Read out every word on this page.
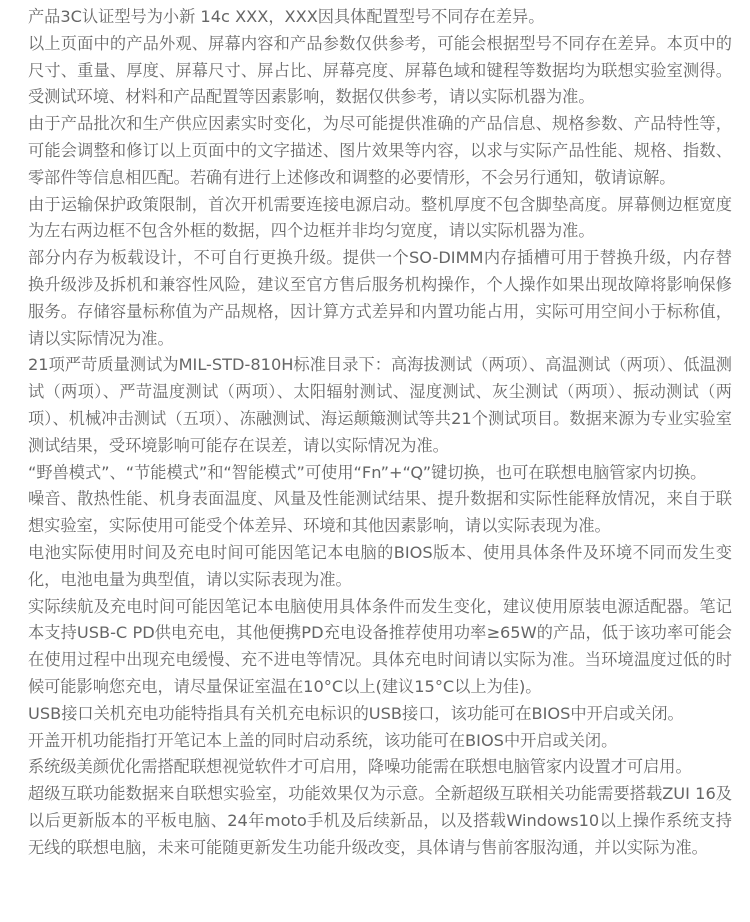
产品3C认证型号为小新 14c XXX，XXX因具体配置型号不同存在差异。

以上页面中的产品外观、屏幕内容和产品参数仅供参考，可能会根据型号不同存在差异。本页中的尺寸、重量、厚度、屏幕尺寸、屏占比、屏幕亮度、屏幕色域和键程等数据均为联想实验室测得。受测试环境、材料和产品配置等因素影响，数据仅供参考，请以实际机器为准。

由于产品批次和生产供应因素实时变化，为尽可能提供准确的产品信息、规格参数、产品特性等，可能会调整和修订以上页面中的文字描述、图片效果等内容，以求与实际产品性能、规格、指数、零部件等信息相匹配。若确有进行上述修改和调整的必要情形，不会另行通知，敬请谅解。

由于运输保护政策限制，首次开机需要连接电源启动。整机厚度不包含脚垫高度。屏幕侧边框宽度为左右两边框不包含外框的数据，四个边框并非均匀宽度，请以实际机器为准。

部分内存为板载设计，不可自行更换升级。提供一个SO-DIMM内存插槽可用于替换升级，内存替换升级涉及拆机和兼容性风险，建议至官方售后服务机构操作，个人操作如果出现故障将影响保修服务。存储容量标称值为产品规格，因计算方式差异和内置功能占用，实际可用空间小于标称值，请以实际情况为准。

21项严苛质量测试为MIL-STD-810H标准目录下：高海拔测试（两项）、高温测试（两项）、低温测试（两项）、严苛温度测试（两项）、太阳辐射测试、湿度测试、灰尘测试（两项）、振动测试（两项）、机械冲击测试（五项）、冻融测试、海运颠簸测试等共21个测试项目。数据来源为专业实验室测试结果，受环境影响可能存在误差，请以实际情况为准。

“野兽模式”、“节能模式”和“智能模式”可使用“Fn”+“Q”键切换，也可在联想电脑管家内切换。

噪音、散热性能、机身表面温度、风量及性能测试结果、提升数据和实际性能释放情况，来自于联想实验室，实际使用可能受个体差异、环境和其他因素影响，请以实际表现为准。

电池实际使用时间及充电时间可能因笔记本电脑的BIOS版本、使用具体条件及环境不同而发生变化，电池电量为典型值，请以实际表现为准。

实际续航及充电时间可能因笔记本电脑使用具体条件而发生变化，建议使用原装电源适配器。笔记本支持USB-C PD供电充电，其他便携PD充电设备推荐使用功率≥65W的产品，低于该功率可能会在使用过程中出现充电缓慢、充不进电等情况。具体充电时间请以实际为准。当环境温度过低的时候可能影响您充电，请尽量保证室温在10°C以上(建议15°C以上为佳)。

USB接口关机充电功能特指具有关机充电标识的USB接口，该功能可在BIOS中开启或关闭。

开盖开机功能指打开笔记本上盖的同时启动系统，该功能可在BIOS中开启或关闭。

系统级美颜优化需搭配联想视觉软件才可启用，降噪功能需在联想电脑管家内设置才可启用。

超级互联功能数据来自联想实验室，功能效果仅为示意。全新超级互联相关功能需要搭载ZUI 16及以后更新版本的平板电脑、24年moto手机及后续新品，以及搭载Windows10以上操作系统支持无线的联想电脑，未来可能随更新发生功能升级改变，具体请与售前客服沟通，并以实际为准。
